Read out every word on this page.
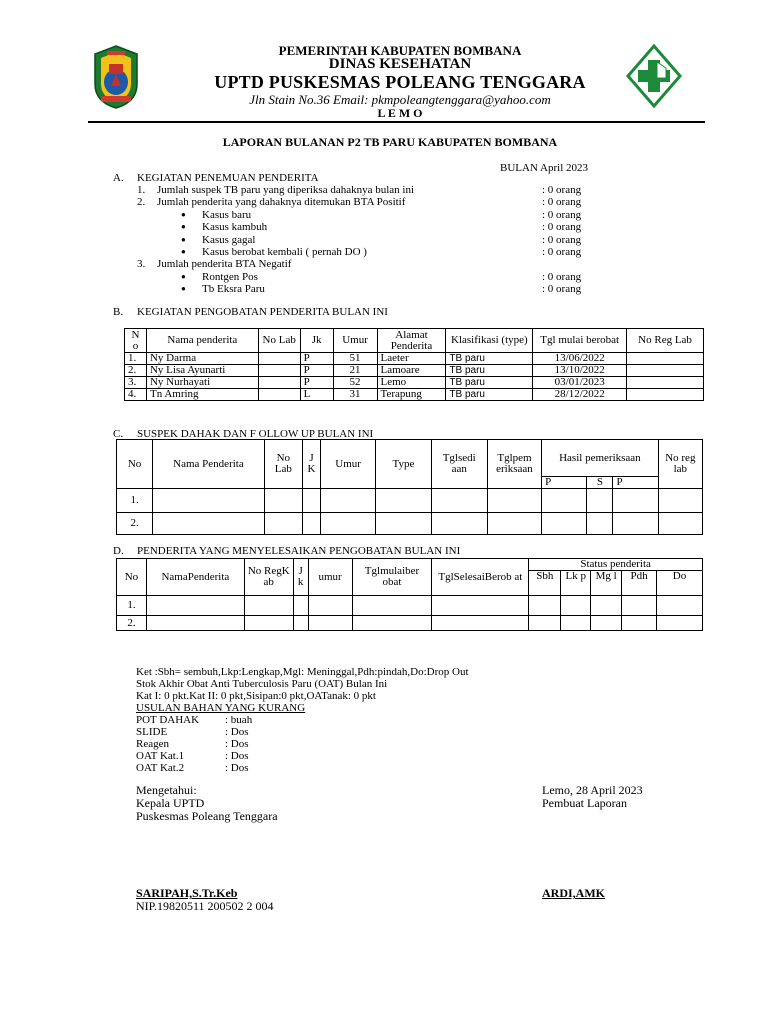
PEMERINTAH KABUPATEN BOMBANA
DINAS KESEHATAN
UPTD PUSKESMAS POLEANG TENGGARA
Jln Stain No.36 Email: pkmpoleangtenggara@yahoo.com
L E M O
LAPORAN BULANAN P2 TB PARU KABUPATEN BOMBANA
BULAN April 2023
A. KEGIATAN PENEMUAN PENDERITA
1. Jumlah suspek TB paru yang diperiksa dahaknya bulan ini	: 0 orang
2. Jumlah penderita yang dahaknya ditemukan BTA Positif	: 0 orang
● Kasus baru	: 0 orang
● Kasus kambuh	: 0 orang
● Kasus gagal	: 0 orang
● Kasus berobat kembali ( pernah DO )	: 0 orang
3. Jumlah penderita BTA Negatif
● Rontgen Pos	: 0 orang
● Tb Eksra Paru	: 0 orang
B. KEGIATAN PENGOBATAN PENDERITA BULAN INI
N o	Nama penderita	No Lab	Jk	Umur	Alamat Penderita	Klasifikasi (type)	Tgl mulai berobat	No Reg Lab
1.	Ny Darma		P	51	Laeter	TB paru	13/06/2022	
2.	Ny Lisa Ayunarti		P	21	Lamoare	TB paru	13/10/2022	
3.	Ny Nurhayati		P	52	Lemo	TB paru	03/01/2023	
4.	Tn Amring		L	31	Terapung	TB paru	28/12/2022	
C. SUSPEK DAHAK DAN F OLLOW UP BULAN INI
No	Nama Penderita	No Lab	J K	Umur	Type	Tglsedi aan	Tglpem eriksaan	Hasil pemeriksaan			No reg lab
								P	S	P	
1.											
2.											
D. PENDERITA YANG MENYELESAIKAN PENGOBATAN BULAN INI
No	NamaPenderita	No RegK ab	J k	umur	Tglmulaiber obat	TglSelesaiBerob at	Status penderita				
							Sbh	Lk p	Mg l	Pdh	Do
1.											
2.											
Ket :Sbh= sembuh,Lkp:Lengkap,Mgl: Meninggal,Pdh:pindah,Do:Drop Out
Stok Akhir Obat Anti Tuberculosis Paru (OAT) Bulan Ini
Kat I: 0 pkt.Kat II: 0 pkt,Sisipan:0 pkt,OATanak: 0 pkt
USULAN BAHAN YANG KURANG
POT DAHAK : buah
SLIDE	: Dos
Reagen	: Dos
OAT Kat.1	: Dos
OAT Kat.2	: Dos
Mengetahui:
Kepala UPTD
Puskesmas Poleang Tenggara
SARIPAH,S.Tr.Keb
NIP.19820511 200502 2 004
Lemo, 28 April 2023
Pembuat Laporan
ARDI,AMK
